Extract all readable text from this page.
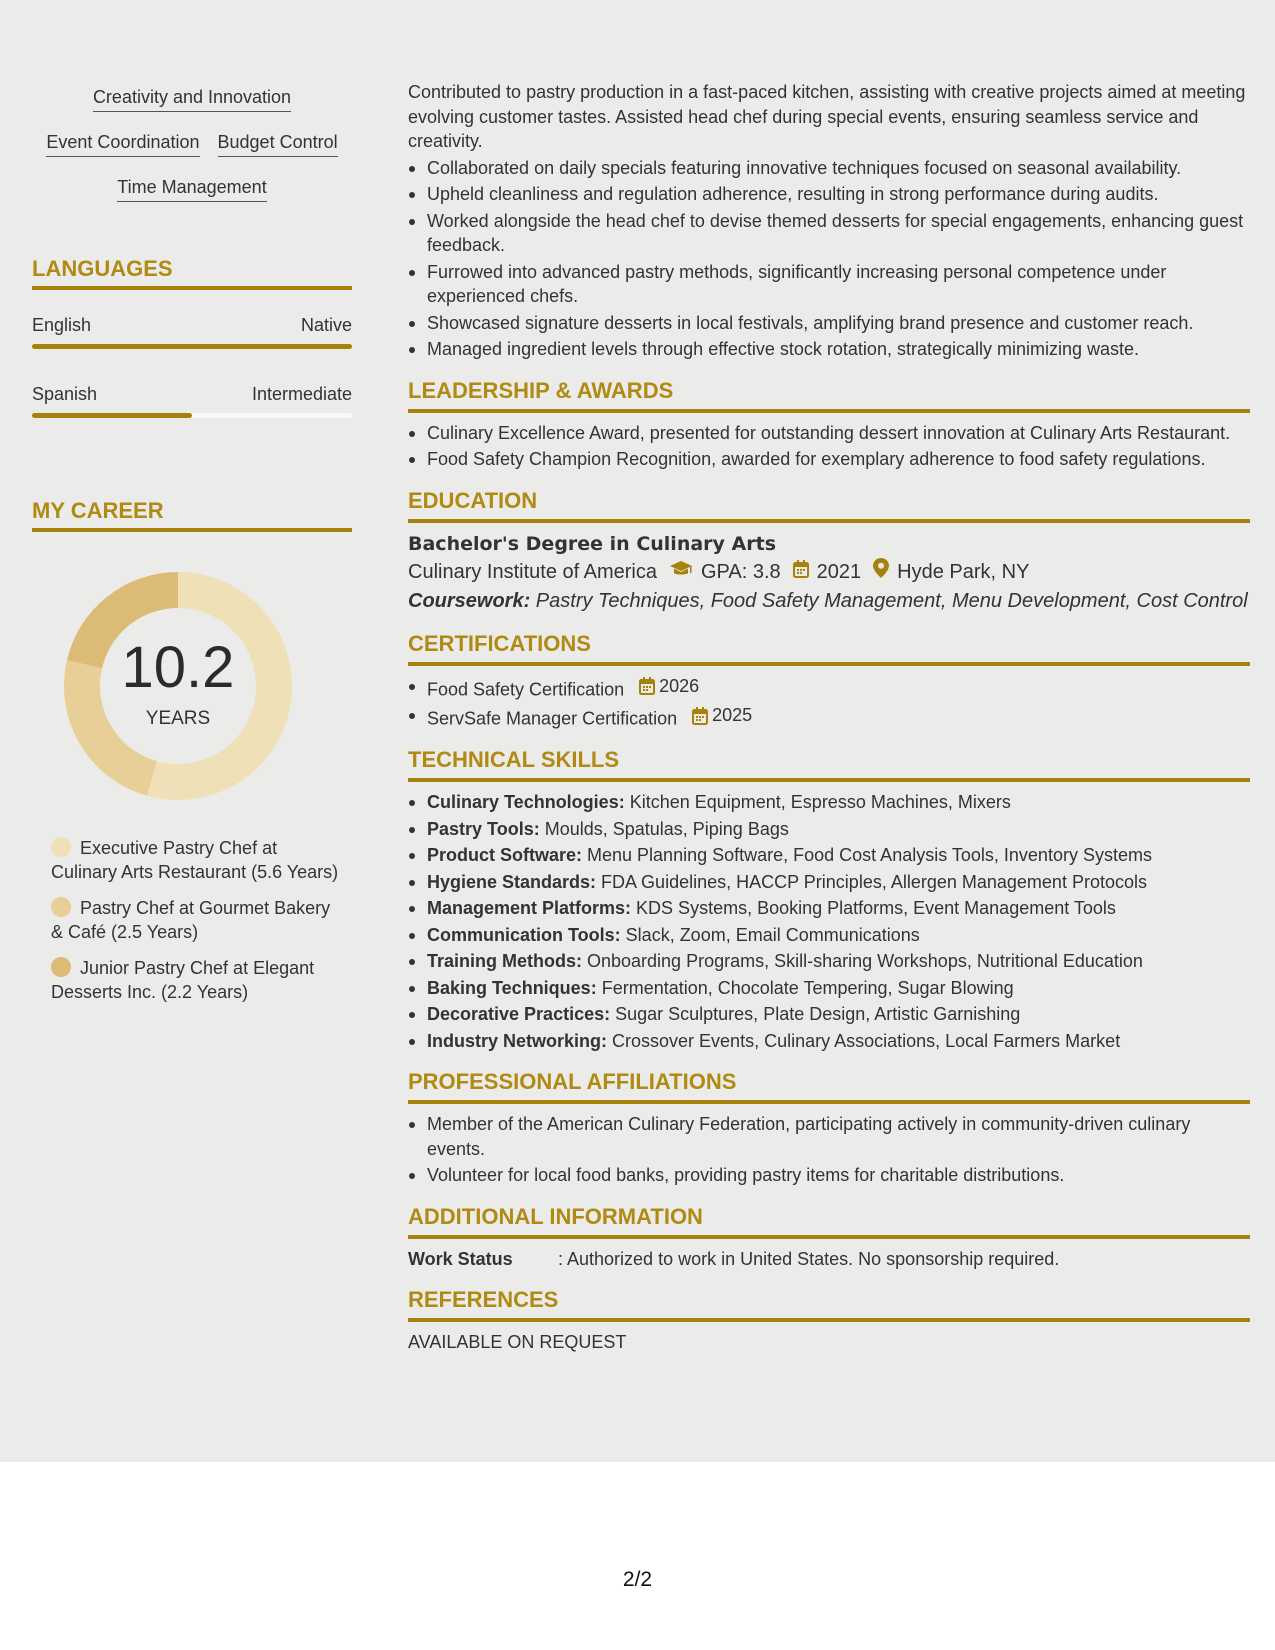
Creativity and Innovation
Event Coordination Budget Control
Time Management
LANGUAGES
English	Native
Spanish	Intermediate
MY CAREER
10.2
YEARS
Executive Pastry Chef at Culinary Arts Restaurant (5.6 Years)
Pastry Chef at Gourmet Bakery & Café (2.5 Years)
Junior Pastry Chef at Elegant Desserts Inc. (2.2 Years)

Contributed to pastry production in a fast-paced kitchen, assisting with creative projects aimed at meeting evolving customer tastes. Assisted head chef during special events, ensuring seamless service and creativity.

Collaborated on daily specials featuring innovative techniques focused on seasonal availability.
Upheld cleanliness and regulation adherence, resulting in strong performance during audits.
Worked alongside the head chef to devise themed desserts for special engagements, enhancing guest feedback.
Furrowed into advanced pastry methods, significantly increasing personal competence under experienced chefs.
Showcased signature desserts in local festivals, amplifying brand presence and customer reach.
Managed ingredient levels through effective stock rotation, strategically minimizing waste.
LEADERSHIP & AWARDS
Culinary Excellence Award, presented for outstanding dessert innovation at Culinary Arts Restaurant.
Food Safety Champion Recognition, awarded for exemplary adherence to food safety regulations.
EDUCATION
Bachelor's Degree in Culinary Arts
Culinary Institute of America GPA: 3.8 2021 Hyde Park, NY
Coursework: Pastry Techniques, Food Safety Management, Menu Development, Cost Control
CERTIFICATIONS
Food Safety Certification 2026
ServSafe Manager Certification 2025
TECHNICAL SKILLS
Culinary Technologies: Kitchen Equipment, Espresso Machines, Mixers
Pastry Tools: Moulds, Spatulas, Piping Bags
Product Software: Menu Planning Software, Food Cost Analysis Tools, Inventory Systems
Hygiene Standards: FDA Guidelines, HACCP Principles, Allergen Management Protocols
Management Platforms: KDS Systems, Booking Platforms, Event Management Tools
Communication Tools: Slack, Zoom, Email Communications
Training Methods: Onboarding Programs, Skill-sharing Workshops, Nutritional Education
Baking Techniques: Fermentation, Chocolate Tempering, Sugar Blowing
Decorative Practices: Sugar Sculptures, Plate Design, Artistic Garnishing
Industry Networking: Crossover Events, Culinary Associations, Local Farmers Market
PROFESSIONAL AFFILIATIONS
Member of the American Culinary Federation, participating actively in community-driven culinary events.
Volunteer for local food banks, providing pastry items for charitable distributions.
ADDITIONAL INFORMATION
Work Status	: Authorized to work in United States. No sponsorship required.
REFERENCES
AVAILABLE ON REQUEST
2/2
